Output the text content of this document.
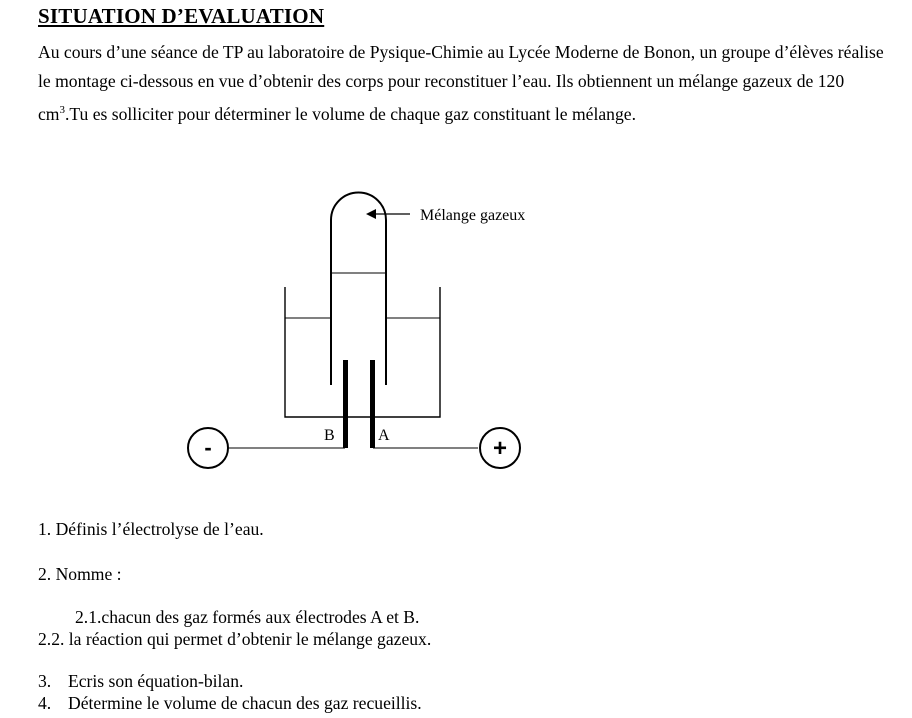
SITUATION D’EVALUATION

Au cours d’une séance de TP au laboratoire de Pysique-Chimie au Lycée Moderne de Bonon, un groupe d’élèves réalise le montage ci-dessous en vue d’obtenir des corps pour reconstituer l’eau. Ils obtiennent un mélange gazeux de 120 $cm^3.Tu$ es solliciter pour déterminer le volume de chaque gaz constituant le mélange.

Mélange gazeux
B	A
-	+

1. Définis l’électrolyse de l’eau.

2. Nomme :

2.1.chacun des gaz formés aux électrodes A et B.

2.2. la réaction qui permet d’obtenir le mélange gazeux.

3. Ecris son équation-bilan.

4. Détermine le volume de chacun des gaz recueillis.
